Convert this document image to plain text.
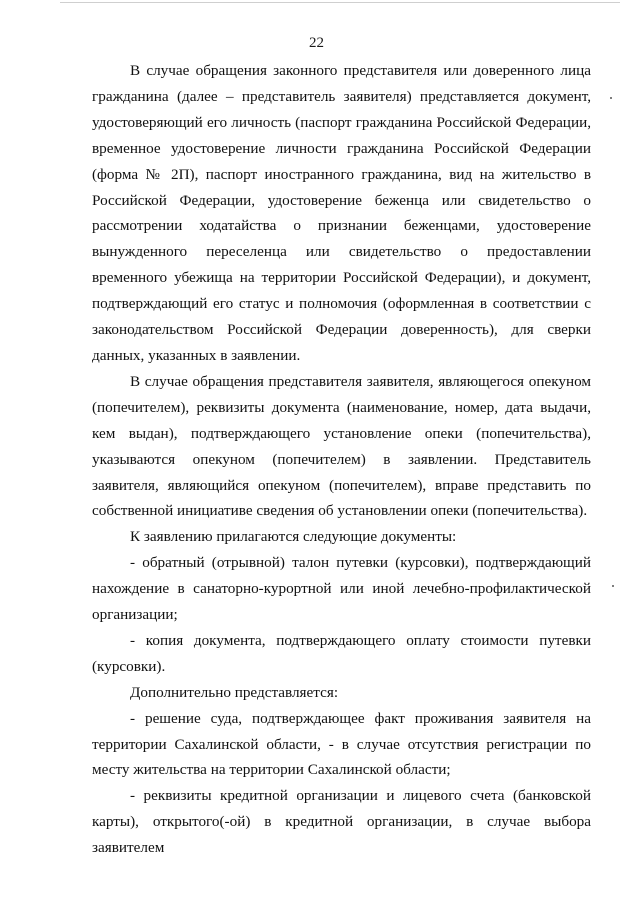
22

В случае обращения законного представителя или доверенного лица гражданина (далее – представитель заявителя) представляется документ, удостоверяющий его личность (паспорт гражданина Российской Федерации, временное удостоверение личности гражданина Российской Федерации (форма № 2П), паспорт иностранного гражданина, вид на жительство в Российской Федерации, удостоверение беженца или свидетельство о рассмотрении ходатайства о признании беженцами, удостоверение вынужденного переселенца или свидетельство о предоставлении временного убежища на территории Российской Федерации), и документ, подтверждающий его статус и полномочия (оформленная в соответствии с законодательством Российской Федерации доверенность), для сверки данных, указанных в заявлении.

В случае обращения представителя заявителя, являющегося опекуном (попечителем), реквизиты документа (наименование, номер, дата выдачи, кем выдан), подтверждающего установление опеки (попечительства), указываются опекуном (попечителем) в заявлении. Представитель заявителя, являющийся опекуном (попечителем), вправе представить по собственной инициативе сведения об установлении опеки (попечительства).

К заявлению прилагаются следующие документы:

- обратный (отрывной) талон путевки (курсовки), подтверждающий нахождение в санаторно-курортной или иной лечебно-профилактической организации;

- копия документа, подтверждающего оплату стоимости путевки (курсовки).

Дополнительно представляется:

- решение суда, подтверждающее факт проживания заявителя на территории Сахалинской области, - в случае отсутствия регистрации по месту жительства на территории Сахалинской области;

- реквизиты кредитной организации и лицевого счета (банковской карты), открытого(-ой) в кредитной организации, в случае выбора заявителем
